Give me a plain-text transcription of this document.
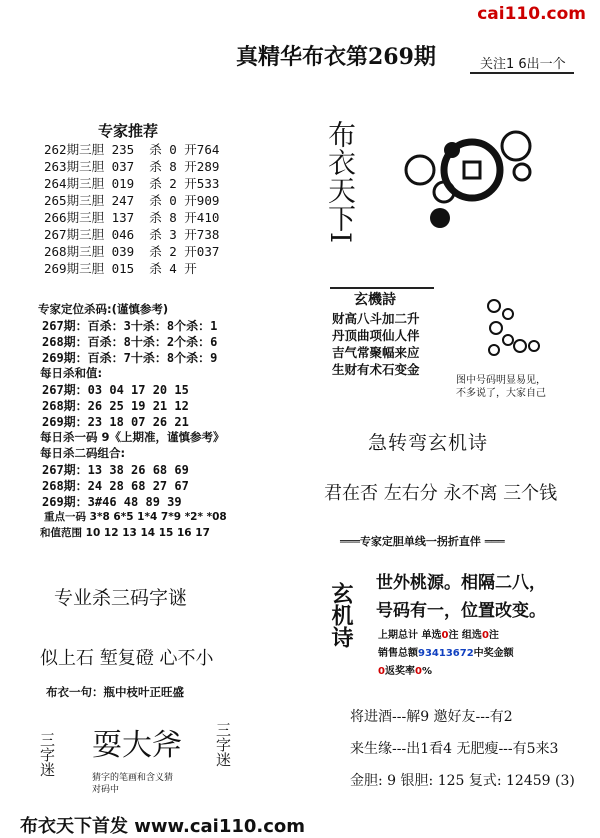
cai110.com
真精华布衣第269期	关注1 6出一个
专家推荐
262期三胆 235  杀 0 开764
263期三胆 037  杀 8 开289
264期三胆 019  杀 2 开533
265期三胆 247  杀 0 开909
266期三胆 137  杀 8 开410
267期三胆 046  杀 3 开738
268期三胆 039  杀 2 开037
269期三胆 015  杀 4 开
专家定位杀码:(谨慎参考)
267期：百杀：3十杀：8个杀：1
268期：百杀：8十杀：2个杀：6
269期：百杀：7十杀：8个杀：9
每日杀和值:
267期：03 04 17 20 15
268期：26 25 19 21 12
269期：23 18 07 26 21
每日杀一码 9《上期准，谨慎参考》
每日杀二码组合:
267期：13 38 26 68 69
268期：24 28 68 27 67
269期：3#46 48 89 39
重点一码 3*8 6*5 1*4 7*9 *2* *08
和值范围 10 12 13 14 15 16 17
布衣天下I
玄機詩
财高八斗加二升
丹顶曲项仙人伴
吉气常聚幅来应
生财有术石变金
图中号码明显易见，
不多说了，大家自己
急转弯玄机诗
君在否 左右分 永不离 三个钱
═══专家定胆单线一拐折直伴 ═══
玄机诗 世外桃源。相隔二八，
号码有一，位置改变。
上期总计 单选0注 组选0注
销售总额93413672中奖金额
0返奖率0%
专业杀三码字谜
似上石 堑复磴 心不小
布衣一句：瓶中枝叶正旺盛
三字迷 耍大斧 三字迷
猜字的笔画和含义猜
对码中
将进酒---解9 邀好友---有2
来生缘---出1看4 无肥瘦---有5来3
金胆: 9 银胆: 125 复式: 12459 (3)
布衣天下首发 www.cai110.com
